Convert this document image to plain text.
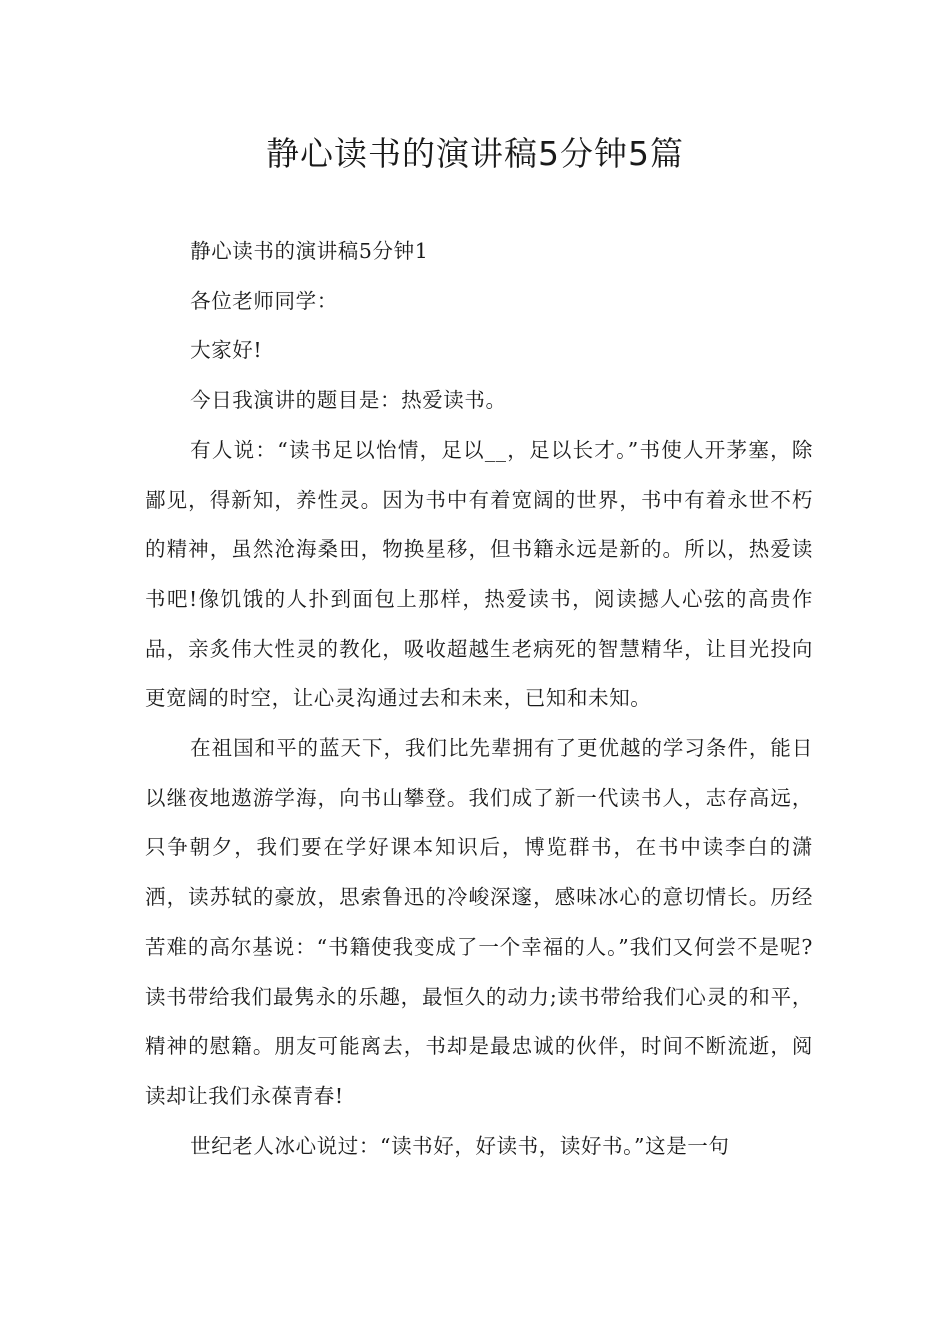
静心读书的演讲稿5分钟5篇

静心读书的演讲稿5分钟1

各位老师同学：

大家好!

今日我演讲的题目是：热爱读书。

有人说：“读书足以怡情，足以__，足以长才。”书使人开茅塞，除鄙见，得新知，养性灵。因为书中有着宽阔的世界，书中有着永世不朽的精神，虽然沧海桑田，物换星移，但书籍永远是新的。所以，热爱读书吧!像饥饿的人扑到面包上那样，热爱读书，阅读撼人心弦的高贵作品，亲炙伟大性灵的教化，吸收超越生老病死的智慧精华，让目光投向更宽阔的时空，让心灵沟通过去和未来，已知和未知。

在祖国和平的蓝天下，我们比先辈拥有了更优越的学习条件，能日以继夜地遨游学海，向书山攀登。我们成了新一代读书人，志存高远，只争朝夕，我们要在学好课本知识后，博览群书，在书中读李白的潇洒，读苏轼的豪放，思索鲁迅的冷峻深邃，感味冰心的意切情长。历经苦难的高尔基说：“书籍使我变成了一个幸福的人。”我们又何尝不是呢?读书带给我们最隽永的乐趣，最恒久的动力;读书带给我们心灵的和平，精神的慰籍。朋友可能离去，书却是最忠诚的伙伴，时间不断流逝，阅读却让我们永葆青春!

世纪老人冰心说过：“读书好，好读书，读好书。”这是一句
